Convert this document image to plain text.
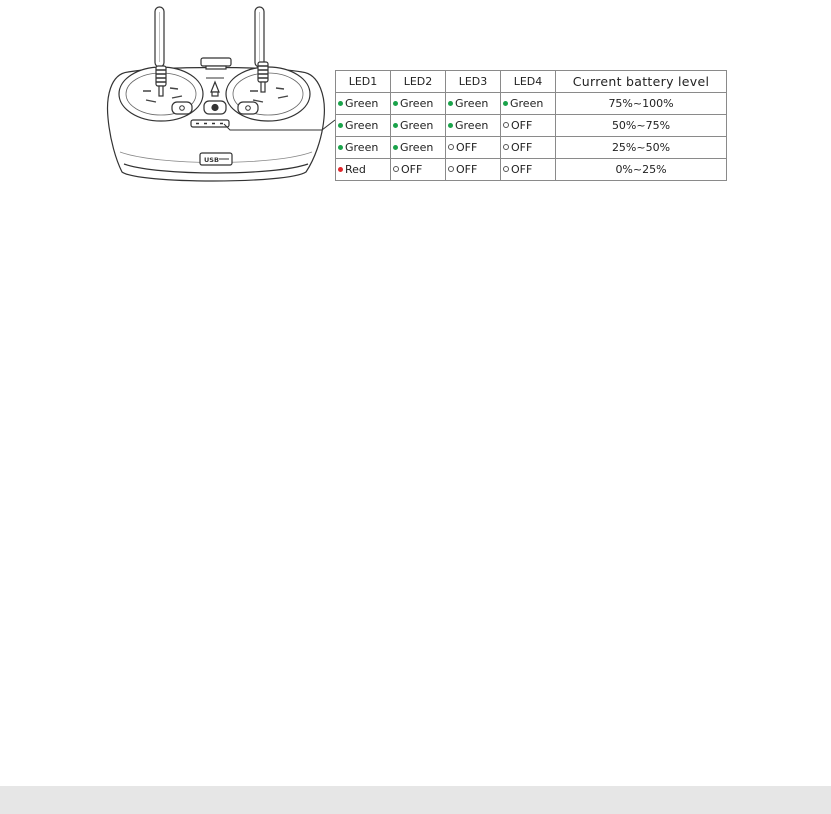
USB
LED1	LED2	LED3	LED4	Current battery level
Green	Green	Green	Green	75%~100%
Green	Green	Green	OFF	50%~75%
Green	Green	OFF	OFF	25%~50%
Red	OFF	OFF	OFF	0%~25%
